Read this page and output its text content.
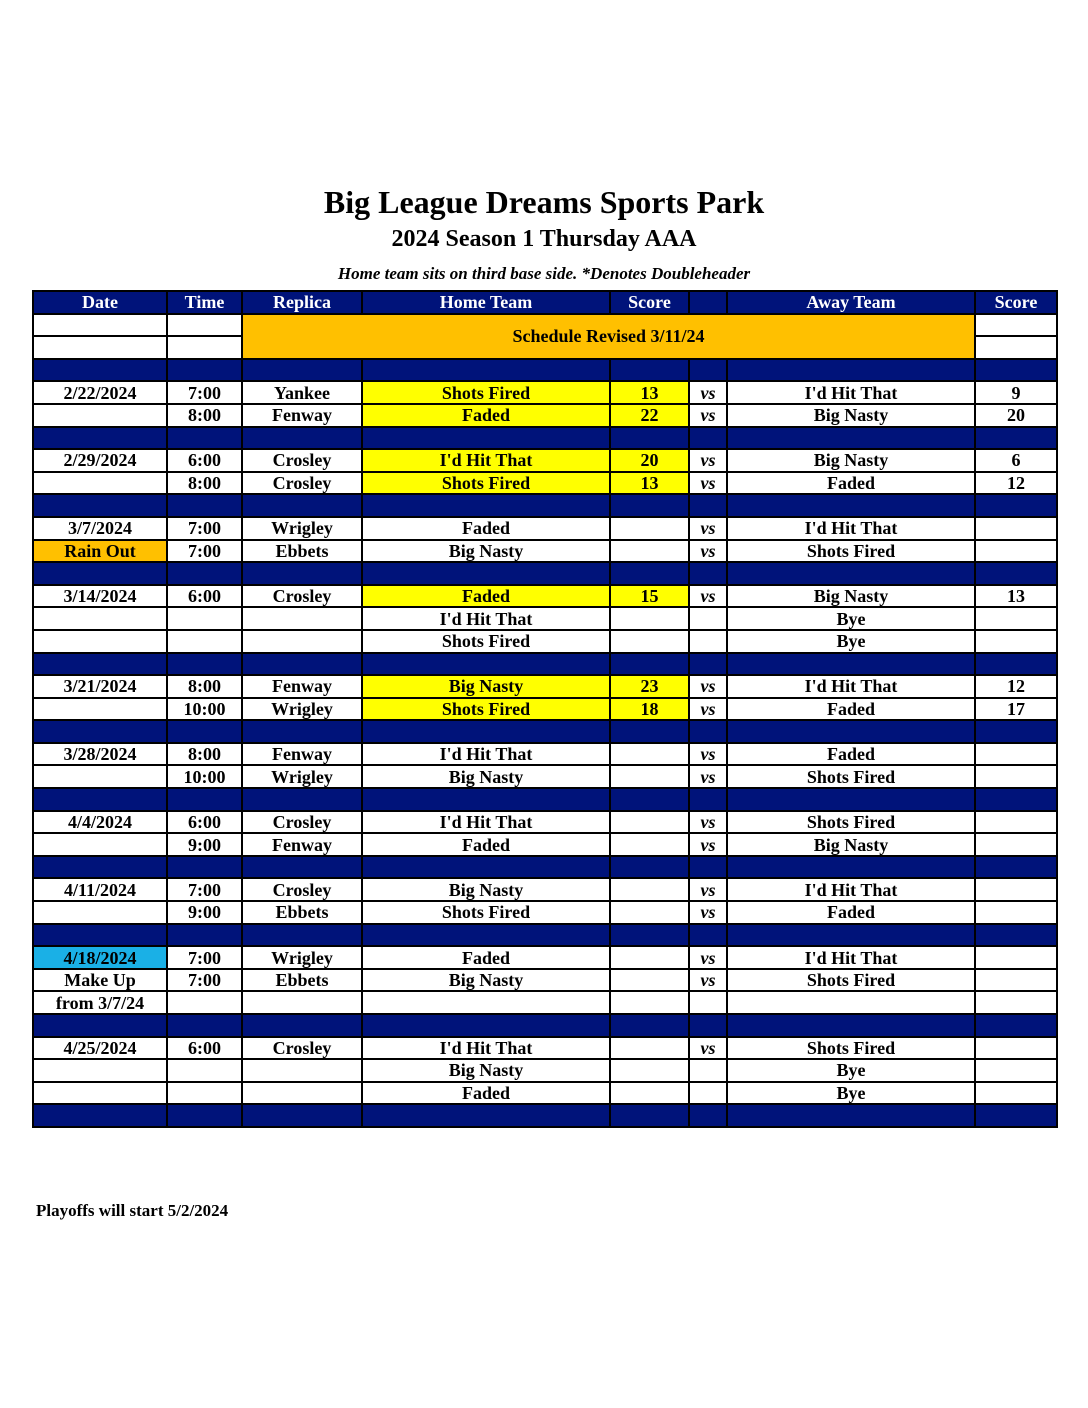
Big League Dreams Sports Park
2024 Season 1 Thursday AAA
Home team sits on third base side. *Denotes Doubleheader
Date	Time	Replica	Home Team	Score		Away Team	Score
		Schedule Revised 3/11/24					

2/22/2024	7:00	Yankee	Shots Fired	13	vs	I'd Hit That	9
	8:00	Fenway	Faded	22	vs	Big Nasty	20

2/29/2024	6:00	Crosley	I'd Hit That	20	vs	Big Nasty	6
	8:00	Crosley	Shots Fired	13	vs	Faded	12

3/7/2024	7:00	Wrigley	Faded		vs	I'd Hit That	
Rain Out	7:00	Ebbets	Big Nasty		vs	Shots Fired	

3/14/2024	6:00	Crosley	Faded	15	vs	Big Nasty	13
			I'd Hit That			Bye	
			Shots Fired			Bye	

3/21/2024	8:00	Fenway	Big Nasty	23	vs	I'd Hit That	12
	10:00	Wrigley	Shots Fired	18	vs	Faded	17

3/28/2024	8:00	Fenway	I'd Hit That		vs	Faded	
	10:00	Wrigley	Big Nasty		vs	Shots Fired	

4/4/2024	6:00	Crosley	I'd Hit That		vs	Shots Fired	
	9:00	Fenway	Faded		vs	Big Nasty	

4/11/2024	7:00	Crosley	Big Nasty		vs	I'd Hit That	
	9:00	Ebbets	Shots Fired		vs	Faded	

4/18/2024	7:00	Wrigley	Faded		vs	I'd Hit That	
Make Up	7:00	Ebbets	Big Nasty		vs	Shots Fired	
from 3/7/24							

4/25/2024	6:00	Crosley	I'd Hit That		vs	Shots Fired	
			Big Nasty			Bye	
			Faded			Bye	

Playoffs will start 5/2/2024
